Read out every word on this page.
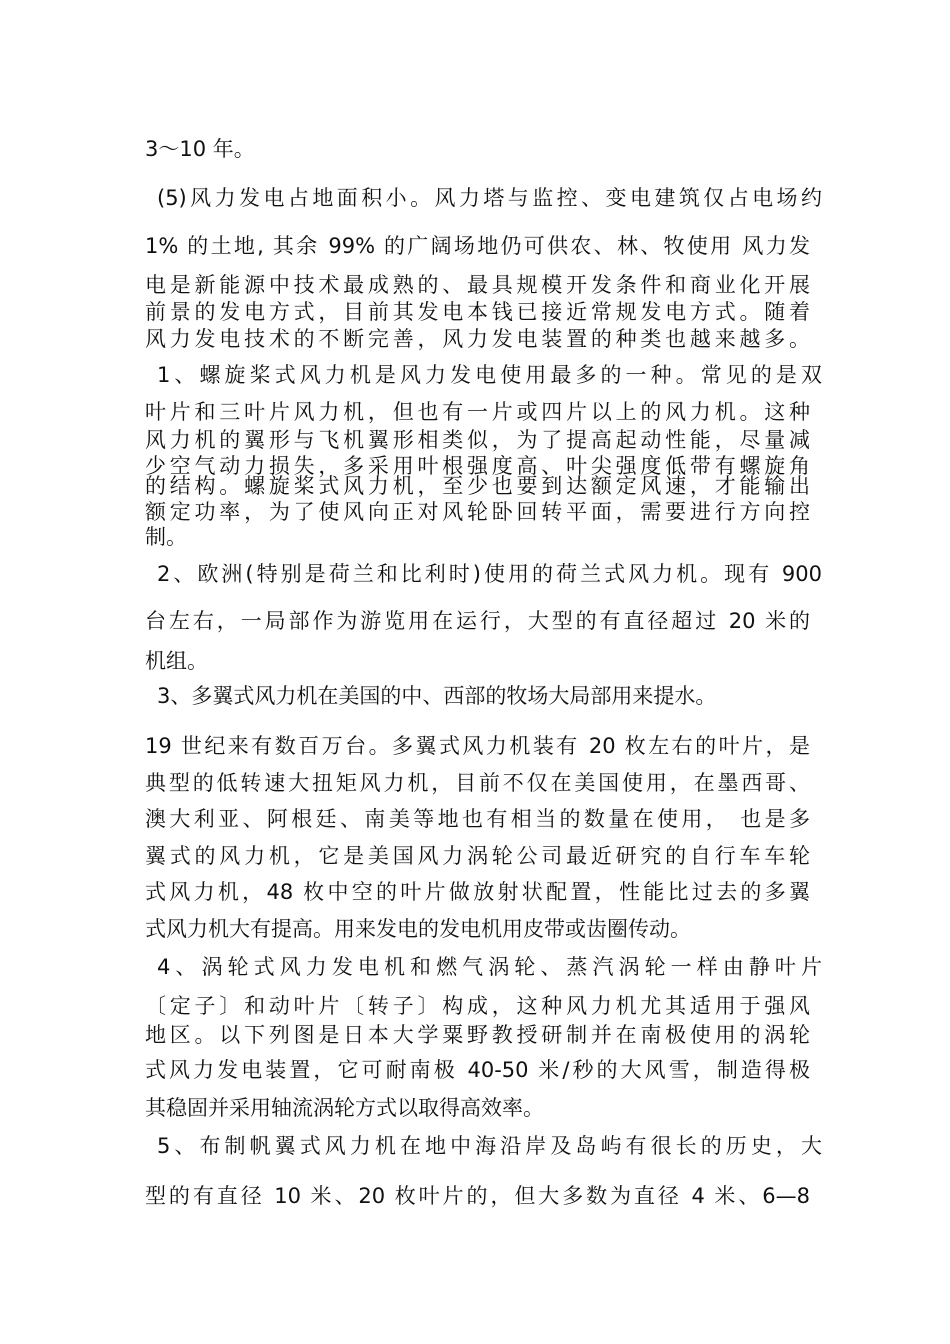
3～10 年。

(5)风力发电占地面积小。风力塔与监控、变电建筑仅占电场约

1% 的土地, 其余 99% 的广阔场地仍可供农、林、牧使用 风力发

电是新能源中技术最成熟的、最具规模开发条件和商业化开展

前景的发电方式，目前其发电本钱已接近常规发电方式。随着

风力发电技术的不断完善，风力发电装置的种类也越来越多。

1、螺旋桨式风力机是风力发电使用最多的一种。常见的是双

叶片和三叶片风力机，但也有一片或四片以上的风力机。这种

风力机的翼形与飞机翼形相类似，为了提高起动性能，尽量减

少空气动力损失，多采用叶根强度高、叶尖强度低带有螺旋角

的结构。螺旋桨式风力机，至少也要到达额定风速，才能输出

额定功率，为了使风向正对风轮卧回转平面，需要进行方向控

制。

2、欧洲(特别是荷兰和比利时)使用的荷兰式风力机。现有 900

台左右，一局部作为游览用在运行，大型的有直径超过 20 米的

机组。

3、多翼式风力机在美国的中、西部的牧场大局部用来提水。

19 世纪来有数百万台。多翼式风力机装有 20 枚左右的叶片，是

典型的低转速大扭矩风力机，目前不仅在美国使用，在墨西哥、

澳大利亚、阿根廷、南美等地也有相当的数量在使用， 也是多

翼式的风力机，它是美国风力涡轮公司最近研究的自行车车轮

式风力机，48 枚中空的叶片做放射状配置，性能比过去的多翼

式风力机大有提高。用来发电的发电机用皮带或齿圈传动。

4、涡轮式风力发电机和燃气涡轮、蒸汽涡轮一样由静叶片

〔定子〕和动叶片〔转子〕构成，这种风力机尤其适用于强风

地区。以下列图是日本大学粟野教授研制并在南极使用的涡轮

式风力发电装置，它可耐南极 40-50 米/秒的大风雪，制造得极

其稳固并采用轴流涡轮方式以取得高效率。

5、布制帆翼式风力机在地中海沿岸及岛屿有很长的历史，大

型的有直径 10 米、20 枚叶片的，但大多数为直径 4 米、6—8
